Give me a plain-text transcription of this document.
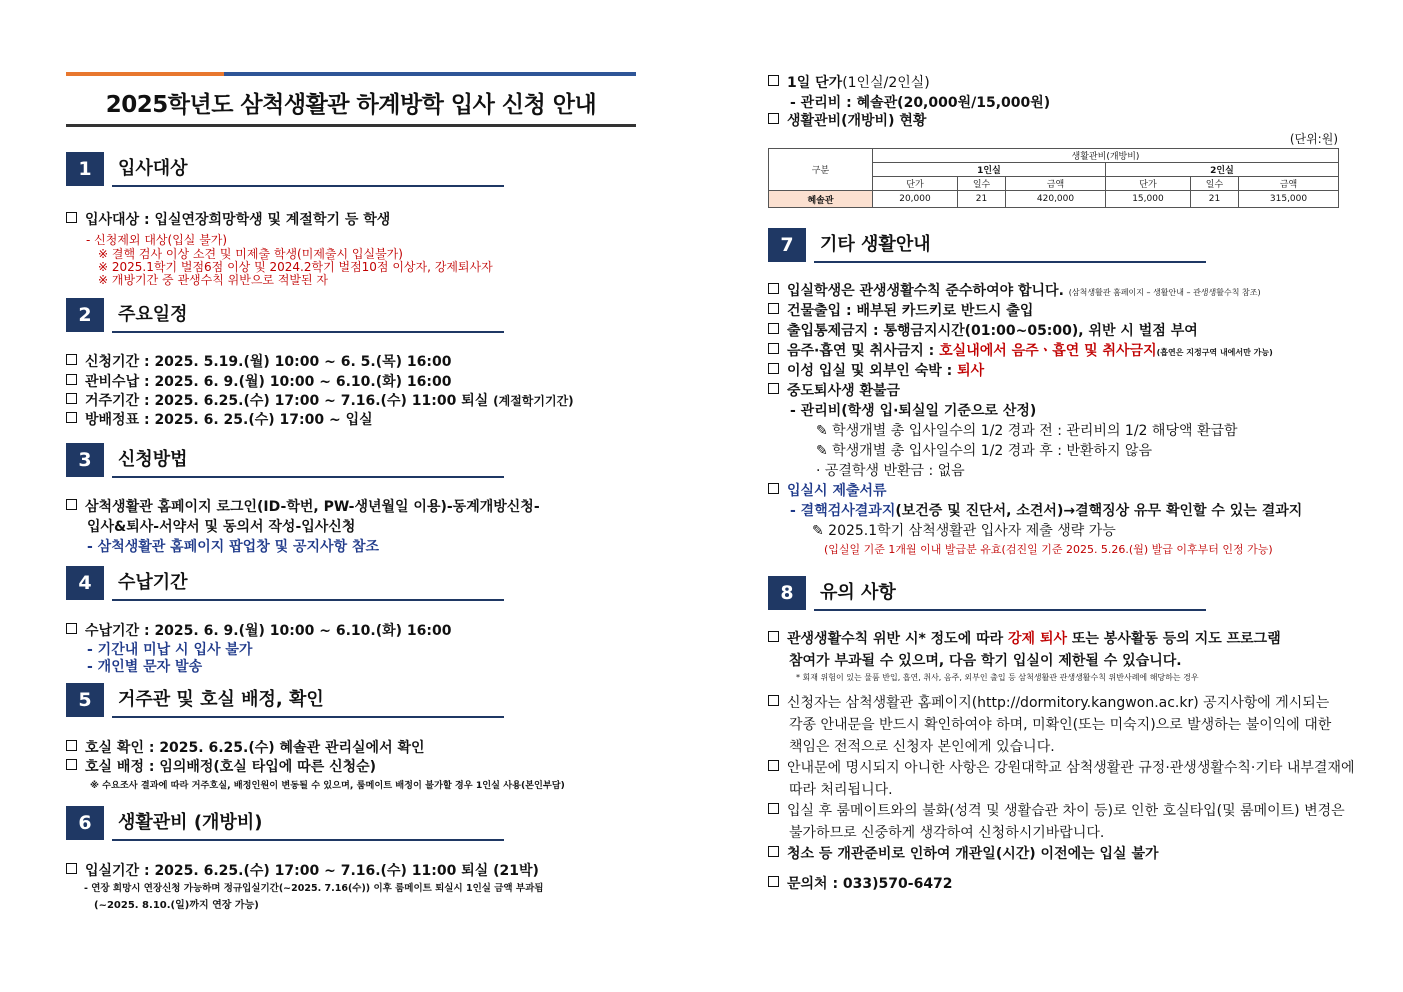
2025학년도 삼척생활관 하계방학 입사 신청 안내
1	입사대상
입사대상 : 입실연장희망학생 및 계절학기 등 학생
- 신청제외 대상(입실 불가)
※ 결핵 검사 이상 소견 및 미제출 학생(미제출시 입실불가)
※ 2025.1학기 벌점6점 이상 및 2024.2학기 벌점10점 이상자, 강제퇴사자
※ 개방기간 중 관생수칙 위반으로 적발된 자
2	주요일정
신청기간 : 2025. 5.19.(월) 10:00 ~ 6. 5.(목) 16:00
관비수납 : 2025. 6. 9.(월) 10:00 ~ 6.10.(화) 16:00
거주기간 : 2025. 6.25.(수) 17:00 ~ 7.16.(수) 11:00 퇴실 (계절학기기간)
방배정표 : 2025. 6. 25.(수) 17:00 ~ 입실
3	신청방법
삼척생활관 홈페이지 로그인(ID-학번, PW-생년월일 이용)-동계개방신청-
입사&퇴사-서약서 및 동의서 작성-입사신청
- 삼척생활관 홈페이지 팝업창 및 공지사항 참조
4	수납기간
수납기간 : 2025. 6. 9.(월) 10:00 ~ 6.10.(화) 16:00
- 기간내 미납 시 입사 불가
- 개인별 문자 발송
5	거주관 및 호실 배정, 확인
호실 확인 : 2025. 6.25.(수) 혜솔관 관리실에서 확인
호실 배정 : 임의배정(호실 타입에 따른 신청순)
※ 수요조사 결과에 따라 거주호실, 배정인원이 변동될 수 있으며, 룸메이트 배정이 불가할 경우 1인실 사용(본인부담)
6	생활관비 (개방비)
입실기간 : 2025. 6.25.(수) 17:00 ~ 7.16.(수) 11:00 퇴실 (21박)
- 연장 희망시 연장신청 가능하며 정규입실기간(~2025. 7.16(수)) 이후 룸메이트 퇴실시 1인실 금액 부과됨
(~2025. 8.10.(일)까지 연장 가능)
1일 단가(1인실/2인실)
- 관리비 : 혜솔관(20,000원/15,000원)
생활관비(개방비) 현황
(단위:원)
구분	생활관비(개방비)					
	1인실			2인실		
	단가	일수	금액	단가	일수	금액
혜솔관	20,000	21	420,000	15,000	21	315,000
7	기타 생활안내
입실학생은 관생생활수칙 준수하여야 합니다. (삼척생활관 홈페이지 – 생활안내 – 관생생활수칙 참조)
건물출입 : 배부된 카드키로 반드시 출입
출입통제금지 : 통행금지시간(01:00~05:00), 위반 시 벌점 부여
음주·흡연 및 취사금지 : 호실내에서 음주ㆍ흡연 및 취사금지(흡연은 지정구역 내에서만 가능)
이성 입실 및 외부인 숙박 : 퇴사
중도퇴사생 환불금
- 관리비(학생 입·퇴실일 기준으로 산정)
✎ 학생개별 총 입사일수의 1/2 경과 전 : 관리비의 1/2 해당액 환급함
✎ 학생개별 총 입사일수의 1/2 경과 후 : 반환하지 않음
· 공결학생 반환금 : 없음
입실시 제출서류
- 결핵검사결과지(보건증 및 진단서, 소견서)→결핵징상 유무 확인할 수 있는 결과지
✎ 2025.1학기 삼척생활관 입사자 제출 생략 가능
(입실일 기준 1개월 이내 발급분 유효(검진일 기준 2025. 5.26.(월) 발급 이후부터 인정 가능)
8	유의 사항
관생생활수칙 위반 시* 정도에 따라 강제 퇴사 또는 봉사활동 등의 지도 프로그램
참여가 부과될 수 있으며, 다음 학기 입실이 제한될 수 있습니다.
* 회재 위험이 있는 물품 반입, 흡연, 취사, 음주, 외부인 출입 등 삼척생활관 관생생활수칙 위반사례에 해당하는 경우
신청자는 삼척생활관 홈페이지(http://dormitory.kangwon.ac.kr) 공지사항에 게시되는
각종 안내문을 반드시 확인하여야 하며, 미확인(또는 미숙지)으로 발생하는 불이익에 대한
책임은 전적으로 신청자 본인에게 있습니다.
안내문에 명시되지 아니한 사항은 강원대학교 삼척생활관 규정·관생생활수칙·기타 내부결재에
따라 처리됩니다.
입실 후 룸메이트와의 불화(성격 및 생활습관 차이 등)로 인한 호실타입(및 룸메이트) 변경은
불가하므로 신중하게 생각하여 신청하시기바랍니다.
청소 등 개관준비로 인하여 개관일(시간) 이전에는 입실 불가
문의처 : 033)570-6472
